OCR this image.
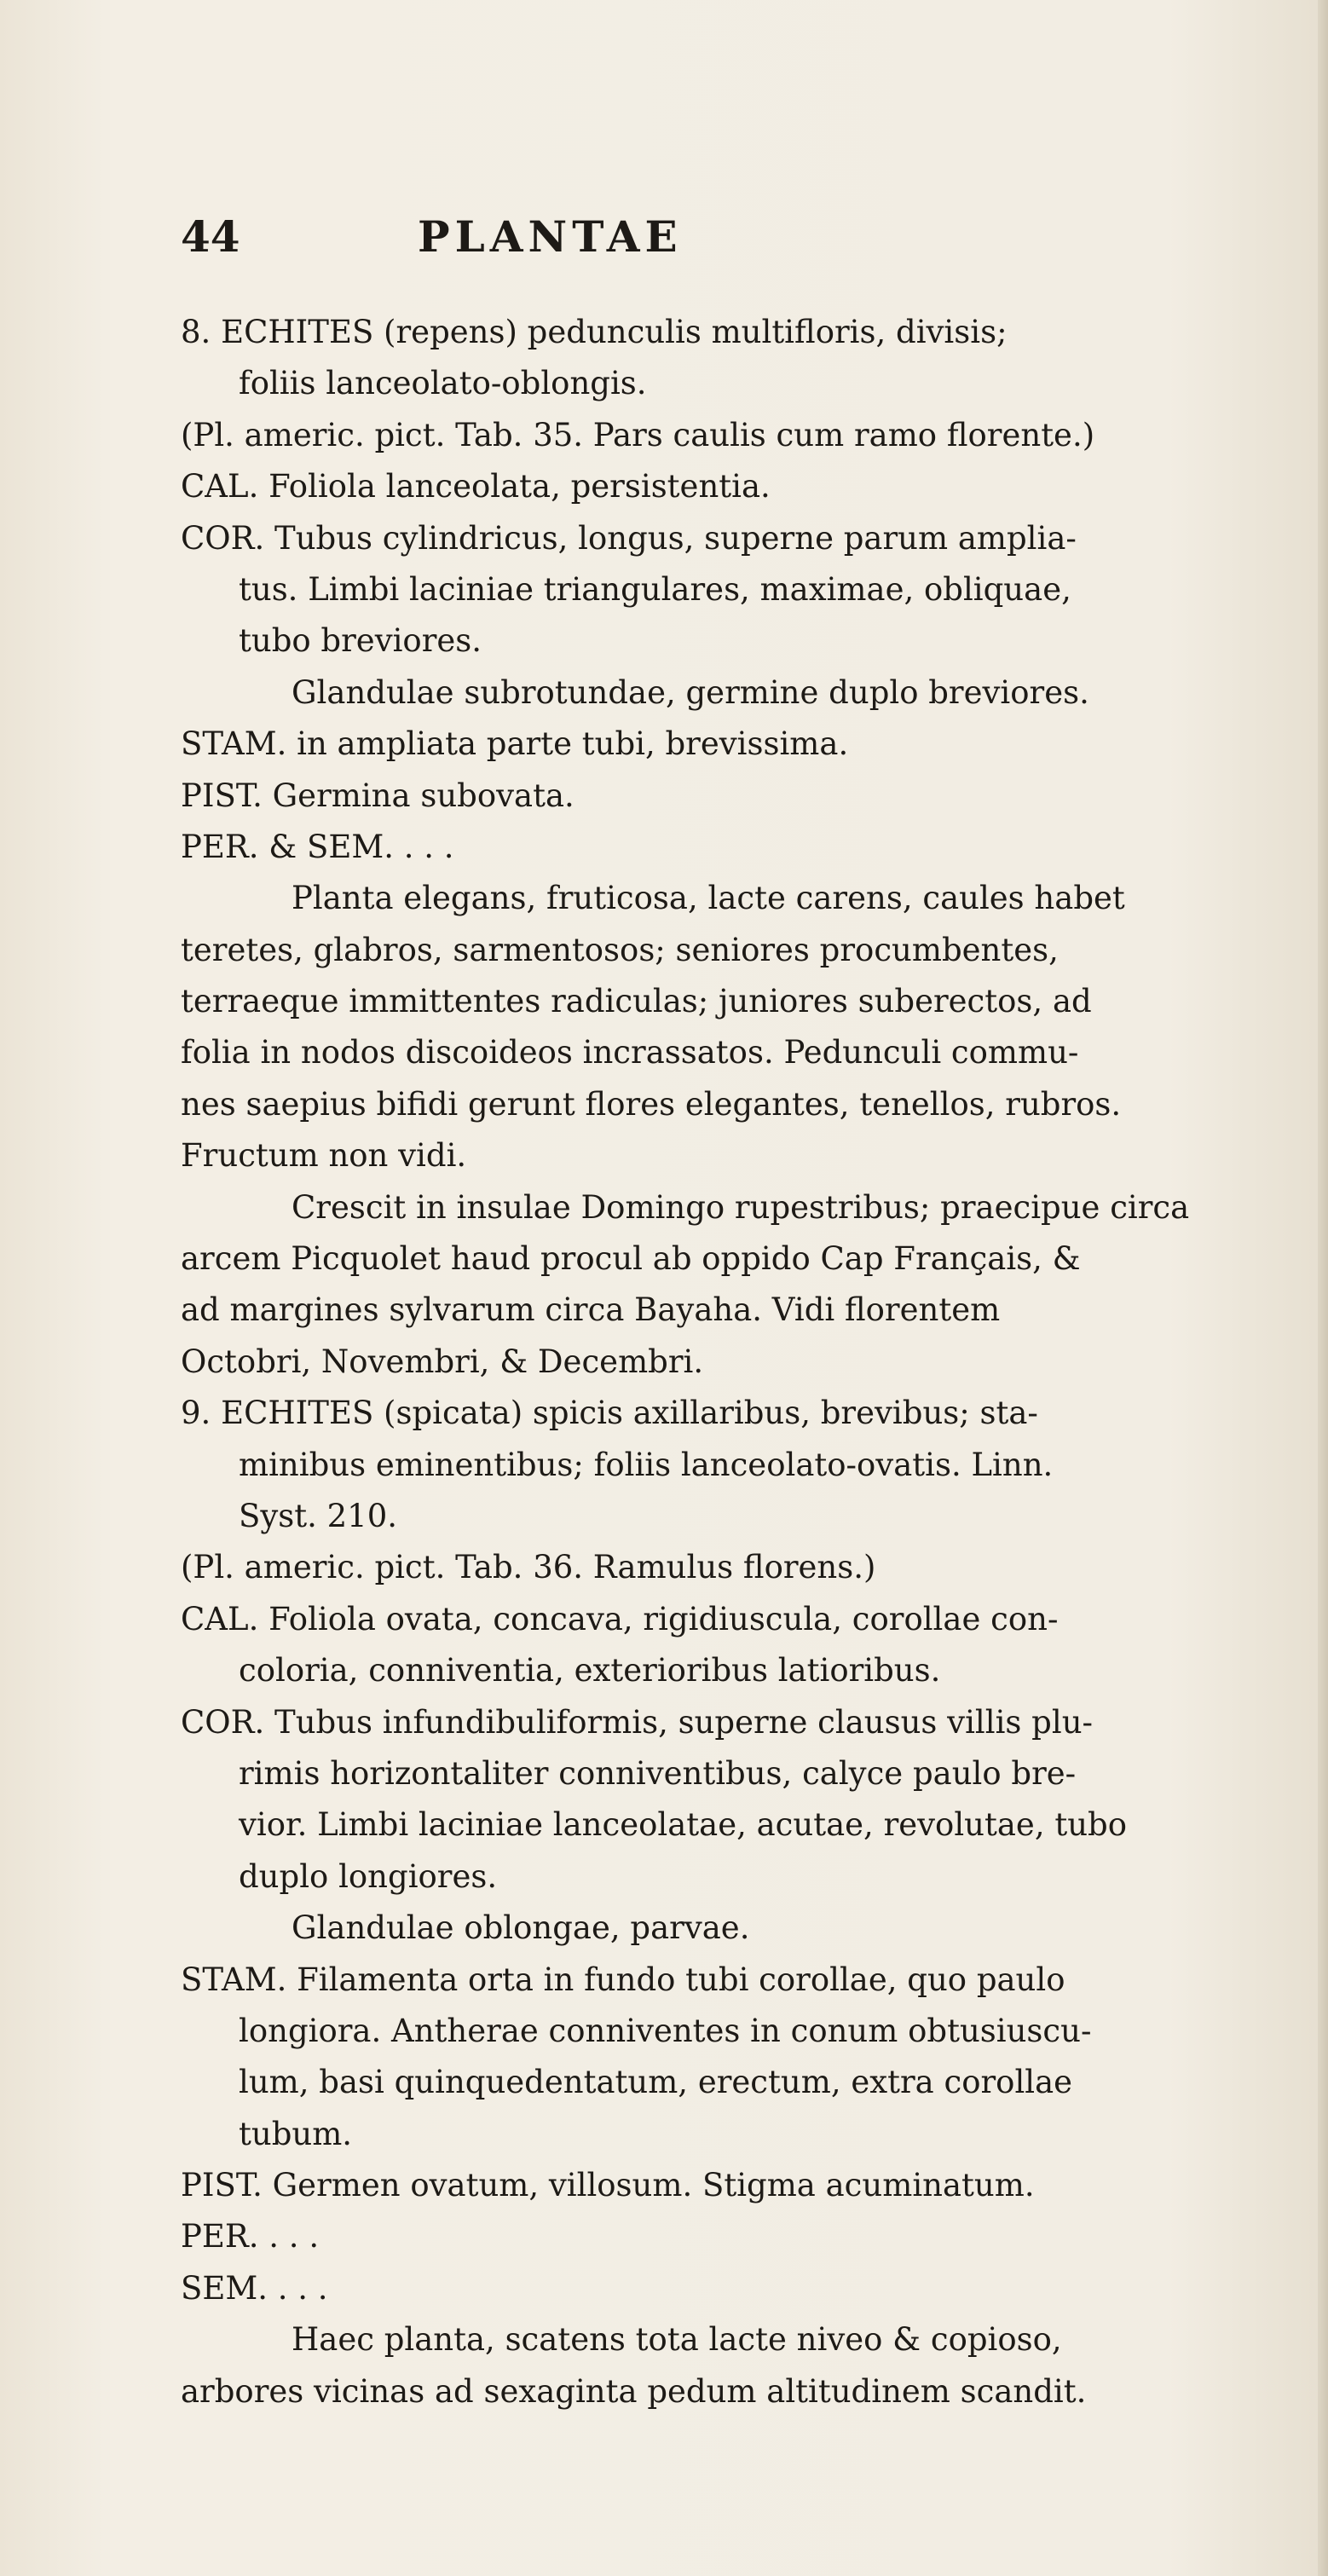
44	PLANTAE
8. ECHITES (repens) pedunculis multifloris, divisis;
foliis lanceolato-oblongis.
(Pl. americ. pict. Tab. 35. Pars caulis cum ramo florente.)
CAL. Foliola lanceolata, persistentia.
COR. Tubus cylindricus, longus, superne parum amplia-
tus. Limbi laciniae triangulares, maximae, obliquae,
tubo breviores.
Glandulae subrotundae, germine duplo breviores.
STAM. in ampliata parte tubi, brevissima.
PIST. Germina subovata.
PER. & SEM. . . .
Planta elegans, fruticosa, lacte carens, caules habet
teretes, glabros, sarmentosos; seniores procumbentes,
terraeque immittentes radiculas; juniores suberectos, ad
folia in nodos discoideos incrassatos. Pedunculi commu-
nes saepius bifidi gerunt flores elegantes, tenellos, rubros.
Fructum non vidi.
Crescit in insulae Domingo rupestribus; praecipue circa
arcem Picquolet haud procul ab oppido Cap Français, &
ad margines sylvarum circa Bayaha. Vidi florentem
Octobri, Novembri, & Decembri.
9. ECHITES (spicata) spicis axillaribus, brevibus; sta-
minibus eminentibus; foliis lanceolato-ovatis. Linn.
Syst. 210.
(Pl. americ. pict. Tab. 36. Ramulus florens.)
CAL. Foliola ovata, concava, rigidiuscula, corollae con-
coloria, conniventia, exterioribus latioribus.
COR. Tubus infundibuliformis, superne clausus villis plu-
rimis horizontaliter conniventibus, calyce paulo bre-
vior. Limbi laciniae lanceolatae, acutae, revolutae, tubo
duplo longiores.
Glandulae oblongae, parvae.
STAM. Filamenta orta in fundo tubi corollae, quo paulo
longiora. Antherae conniventes in conum obtusiuscu-
lum, basi quinquedentatum, erectum, extra corollae
tubum.
PIST. Germen ovatum, villosum. Stigma acuminatum.
PER. . . .
SEM. . . .
Haec planta, scatens tota lacte niveo & copioso,
arbores vicinas ad sexaginta pedum altitudinem scandit.
